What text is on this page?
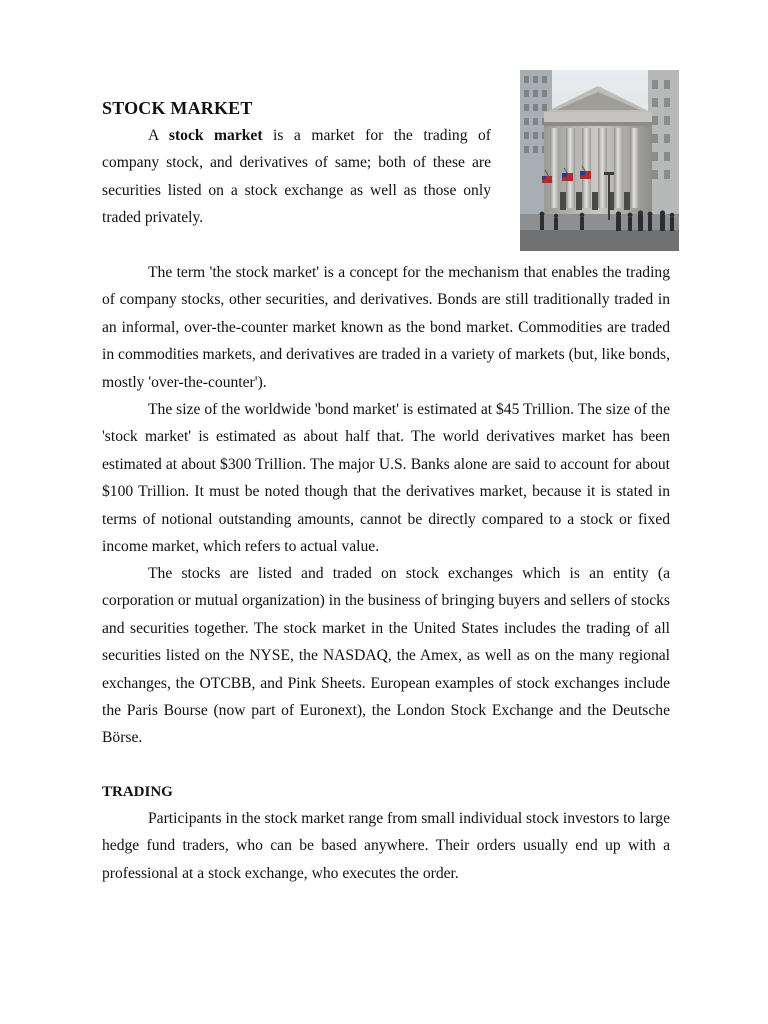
STOCK MARKET

A stock market is a market for the trading of company stock, and derivatives of same; both of these are securities listed on a stock exchange as well as those only traded privately.

The term 'the stock market' is a concept for the mechanism that enables the trading of company stocks, other securities, and derivatives. Bonds are still traditionally traded in an informal, over-the-counter market known as the bond market. Commodities are traded in commodities markets, and derivatives are traded in a variety of markets (but, like bonds, mostly 'over-the-counter').

The size of the worldwide 'bond market' is estimated at $45 Trillion. The size of the 'stock market' is estimated as about half that. The world derivatives market has been estimated at about $300 Trillion. The major U.S. Banks alone are said to account for about $100 Trillion. It must be noted though that the derivatives market, because it is stated in terms of notional outstanding amounts, cannot be directly compared to a stock or fixed income market, which refers to actual value.

The stocks are listed and traded on stock exchanges which is an entity (a corporation or mutual organization) in the business of bringing buyers and sellers of stocks and securities together. The stock market in the United States includes the trading of all securities listed on the NYSE, the NASDAQ, the Amex, as well as on the many regional exchanges, the OTCBB, and Pink Sheets. European examples of stock exchanges include the Paris Bourse (now part of Euronext), the London Stock Exchange and the Deutsche Börse.

TRADING

Participants in the stock market range from small individual stock investors to large hedge fund traders, who can be based anywhere. Their orders usually end up with a professional at a stock exchange, who executes the order.
